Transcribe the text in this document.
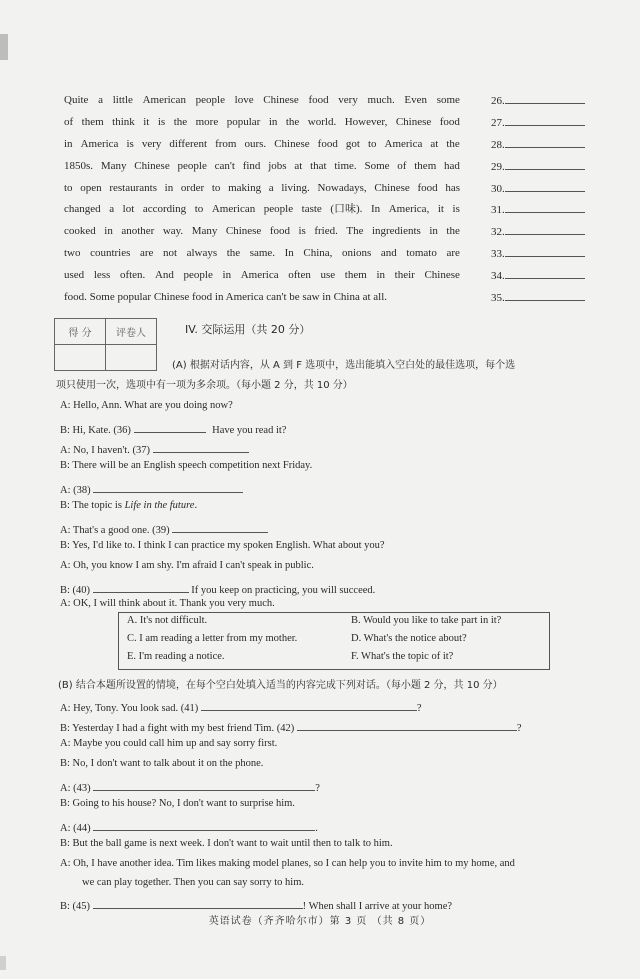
Quite a little American people love Chinese food very much. Even some
of them think it is the more popular in the world. However, Chinese food
in America is very different from ours. Chinese food got to America at the
1850s. Many Chinese people can't find jobs at that time. Some of them had
to open restaurants in order to making a living. Nowadays, Chinese food has
changed a lot according to American people taste (口味). In America, it is
cooked in another way. Many Chinese food is fried. The ingredients in the
two countries are not always the same. In China, onions and tomato are
used less often. And people in America often use them in their Chinese
food. Some popular Chinese food in America can't be saw in China at all.
26.
27.
28.
29.
30.
31.
32.
33.
34.
35.
得 分	评卷人
		IV. 交际运用（共 20 分）
(A) 根据对话内容，从 A 到 F 选项中，选出能填入空白处的最佳选项，每个选
项只使用一次，选项中有一项为多余项。（每小题 2 分，共 10 分）
A: Hello, Ann. What are you doing now?
B: Hi, Kate. (36)	Have you read it?
A: No, I haven't. (37)
B: There will be an English speech competition next Friday.
A: (38)
B: The topic is Life in the future.
A: That's a good one. (39)
B: Yes, I'd like to. I think I can practice my spoken English. What about you?
A: Oh, you know I am shy. I'm afraid I can't speak in public.
B: (40)	If you keep on practicing, you will succeed.
A: OK, I will think about it. Thank you very much.
A. It's not difficult.	B. Would you like to take part in it?
C. I am reading a letter from my mother.	D. What's the notice about?
E. I'm reading a notice.	F. What's the topic of it?
(B) 结合本题所设置的情境，在每个空白处填入适当的内容完成下列对话。（每小题 2 分，共 10 分）
A: Hey, Tony. You look sad. (41)	?
B: Yesterday I had a fight with my best friend Tim. (42)	?
A: Maybe you could call him up and say sorry first.
B: No, I don't want to talk about it on the phone.
A: (43)	?
B: Going to his house? No, I don't want to surprise him.
A: (44)	.
B: But the ball game is next week. I don't want to wait until then to talk to him.
A: Oh, I have another idea. Tim likes making model planes, so I can help you to invite him to my home, and
we can play together. Then you can say sorry to him.
B: (45)	! When shall I arrive at your home?
英语试卷（齐齐哈尔市）第 3 页 （共 8 页）
